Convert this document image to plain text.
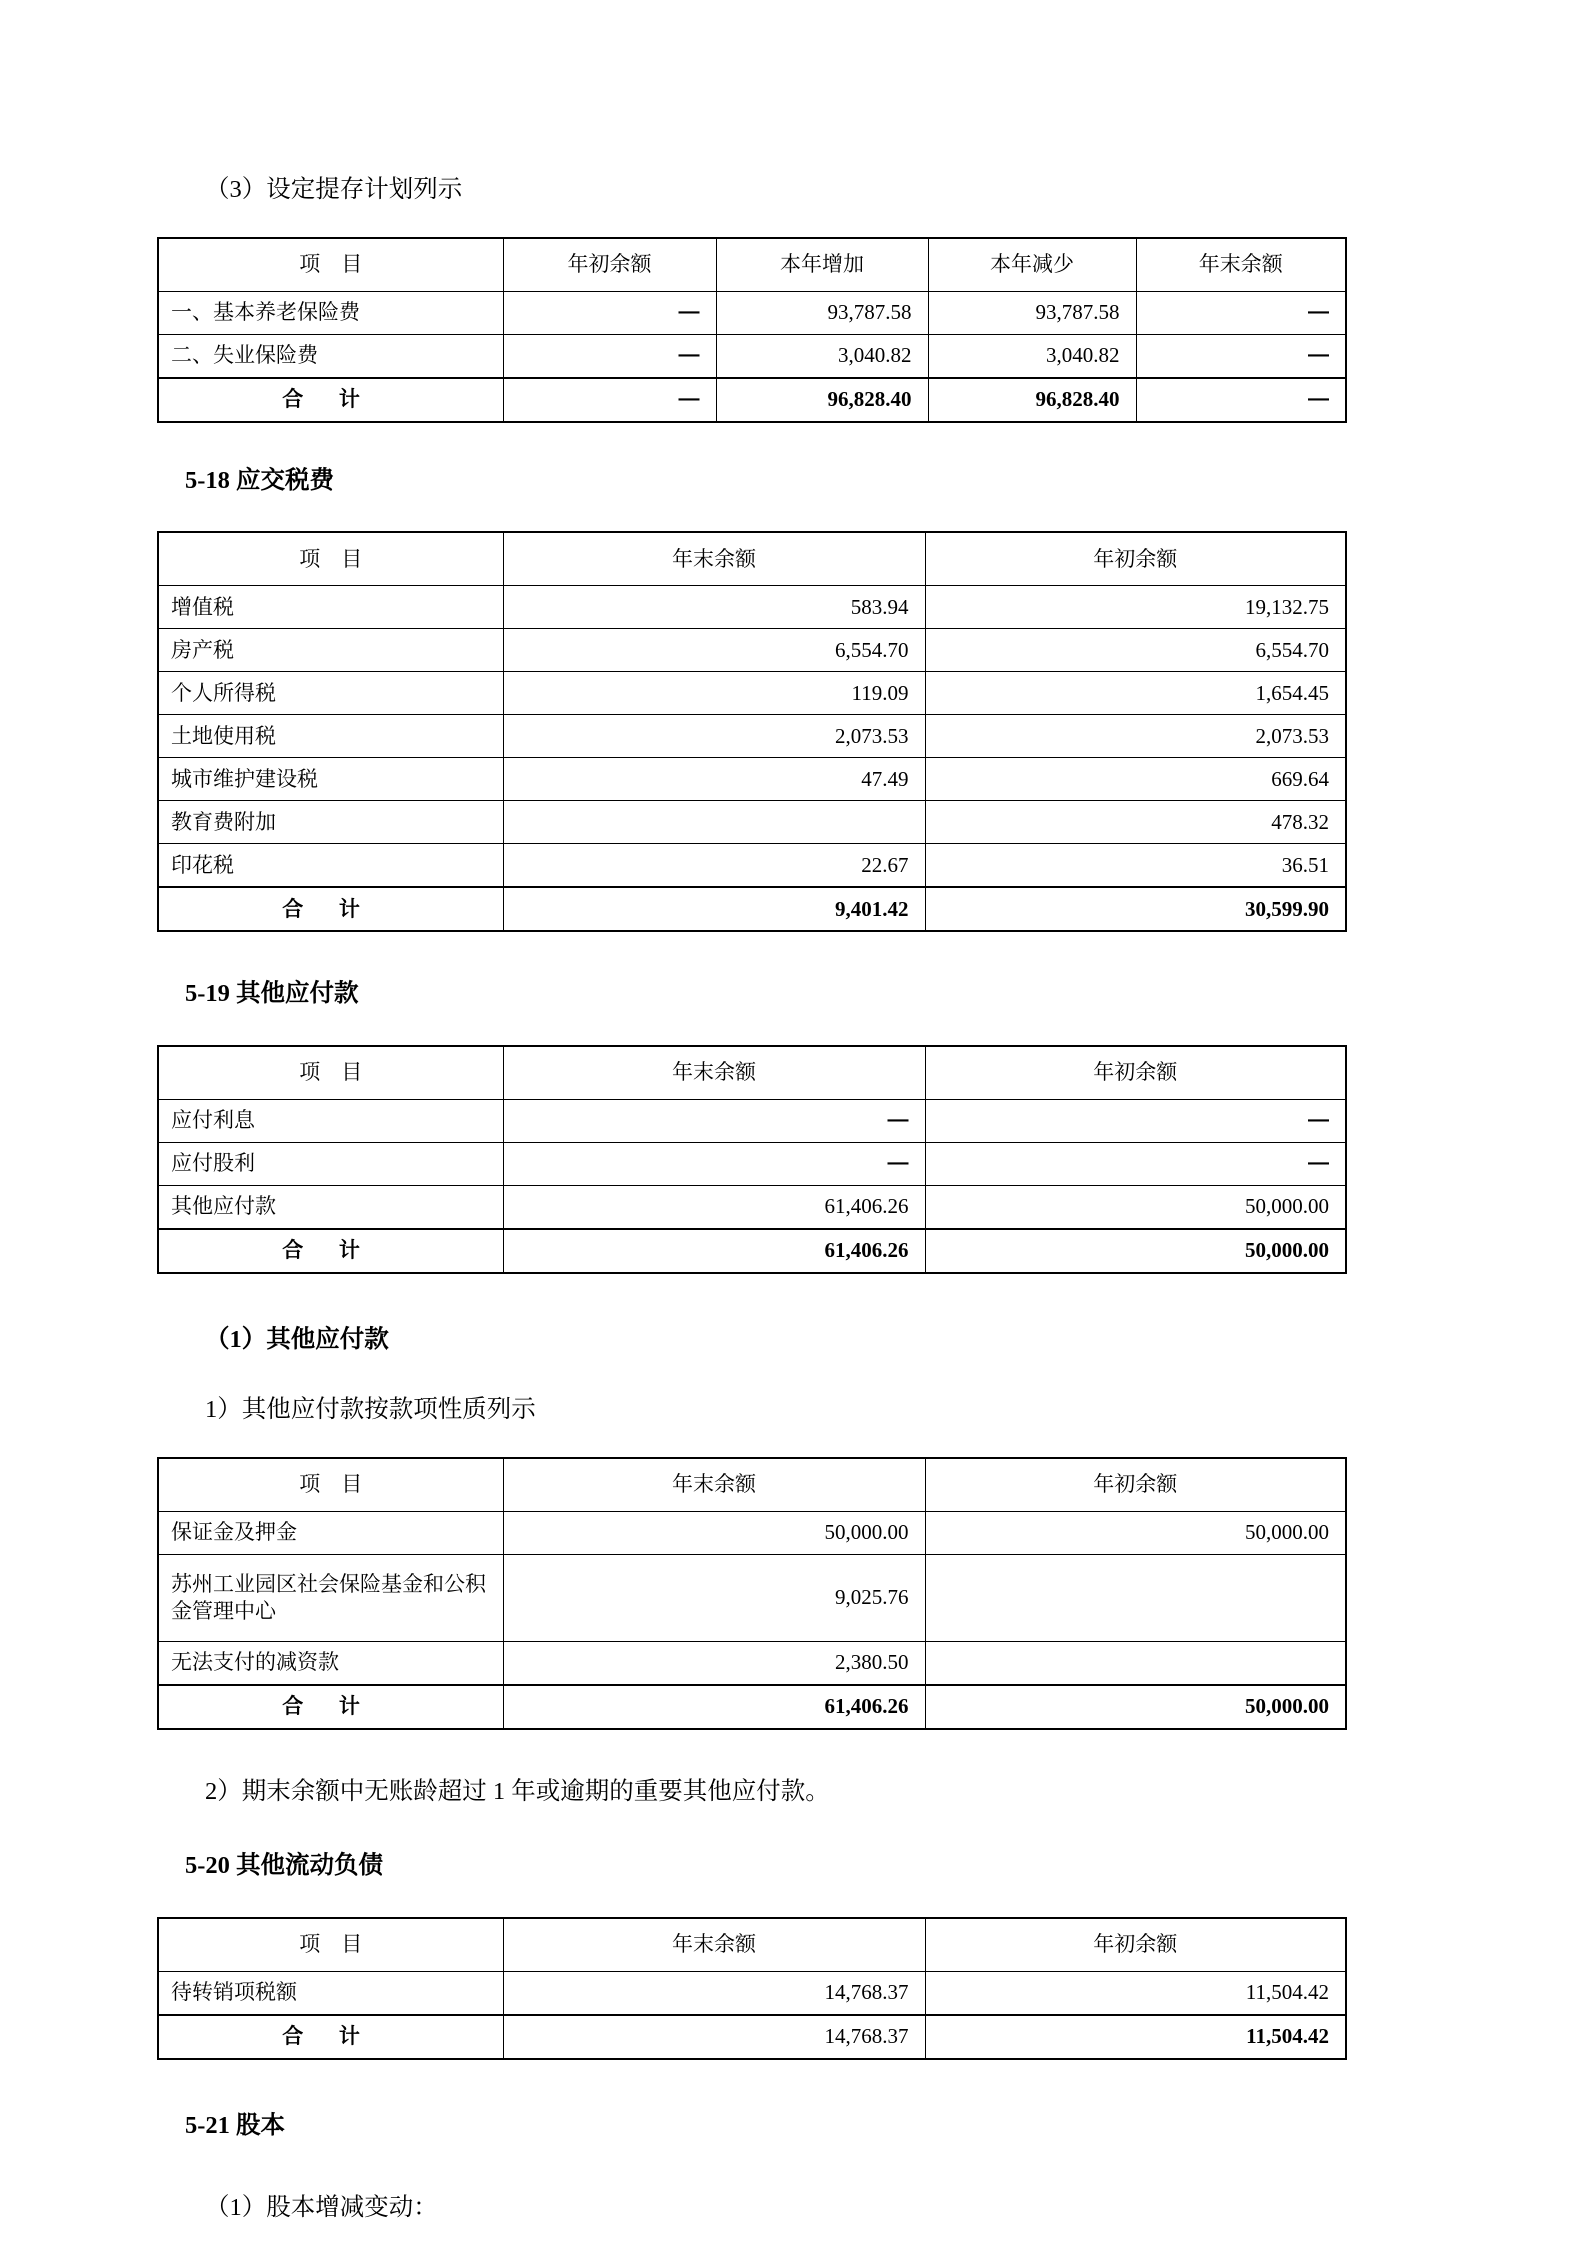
（3）设定提存计划列示

项　目	年初余额	本年增加	本年减少	年末余额
一、基本养老保险费	—	93,787.58	93,787.58	—
二、失业保险费	—	3,040.82	3,040.82	—
合　计	—	96,828.40	96,828.40	—

5-18 应交税费

项　目	年末余额	年初余额
增值税	583.94	19,132.75
房产税	6,554.70	6,554.70
个人所得税	119.09	1,654.45
土地使用税	2,073.53	2,073.53
城市维护建设税	47.49	669.64
教育费附加		478.32
印花税	22.67	36.51
合　计	9,401.42	30,599.90

5-19 其他应付款

项　目	年末余额	年初余额
应付利息	—	—
应付股利	—	—
其他应付款	61,406.26	50,000.00
合　计	61,406.26	50,000.00

（1）其他应付款

1）其他应付款按款项性质列示

项　目	年末余额	年初余额
保证金及押金	50,000.00	50,000.00
苏州工业园区社会保险基金和公积金管理中心	9,025.76	
无法支付的减资款	2,380.50	
合　计	61,406.26	50,000.00

2）期末余额中无账龄超过 1 年或逾期的重要其他应付款。

5-20 其他流动负债

项　目	年末余额	年初余额
待转销项税额	14,768.37	11,504.42
合　计	14,768.37	11,504.42

5-21 股本

（1）股本增减变动：
